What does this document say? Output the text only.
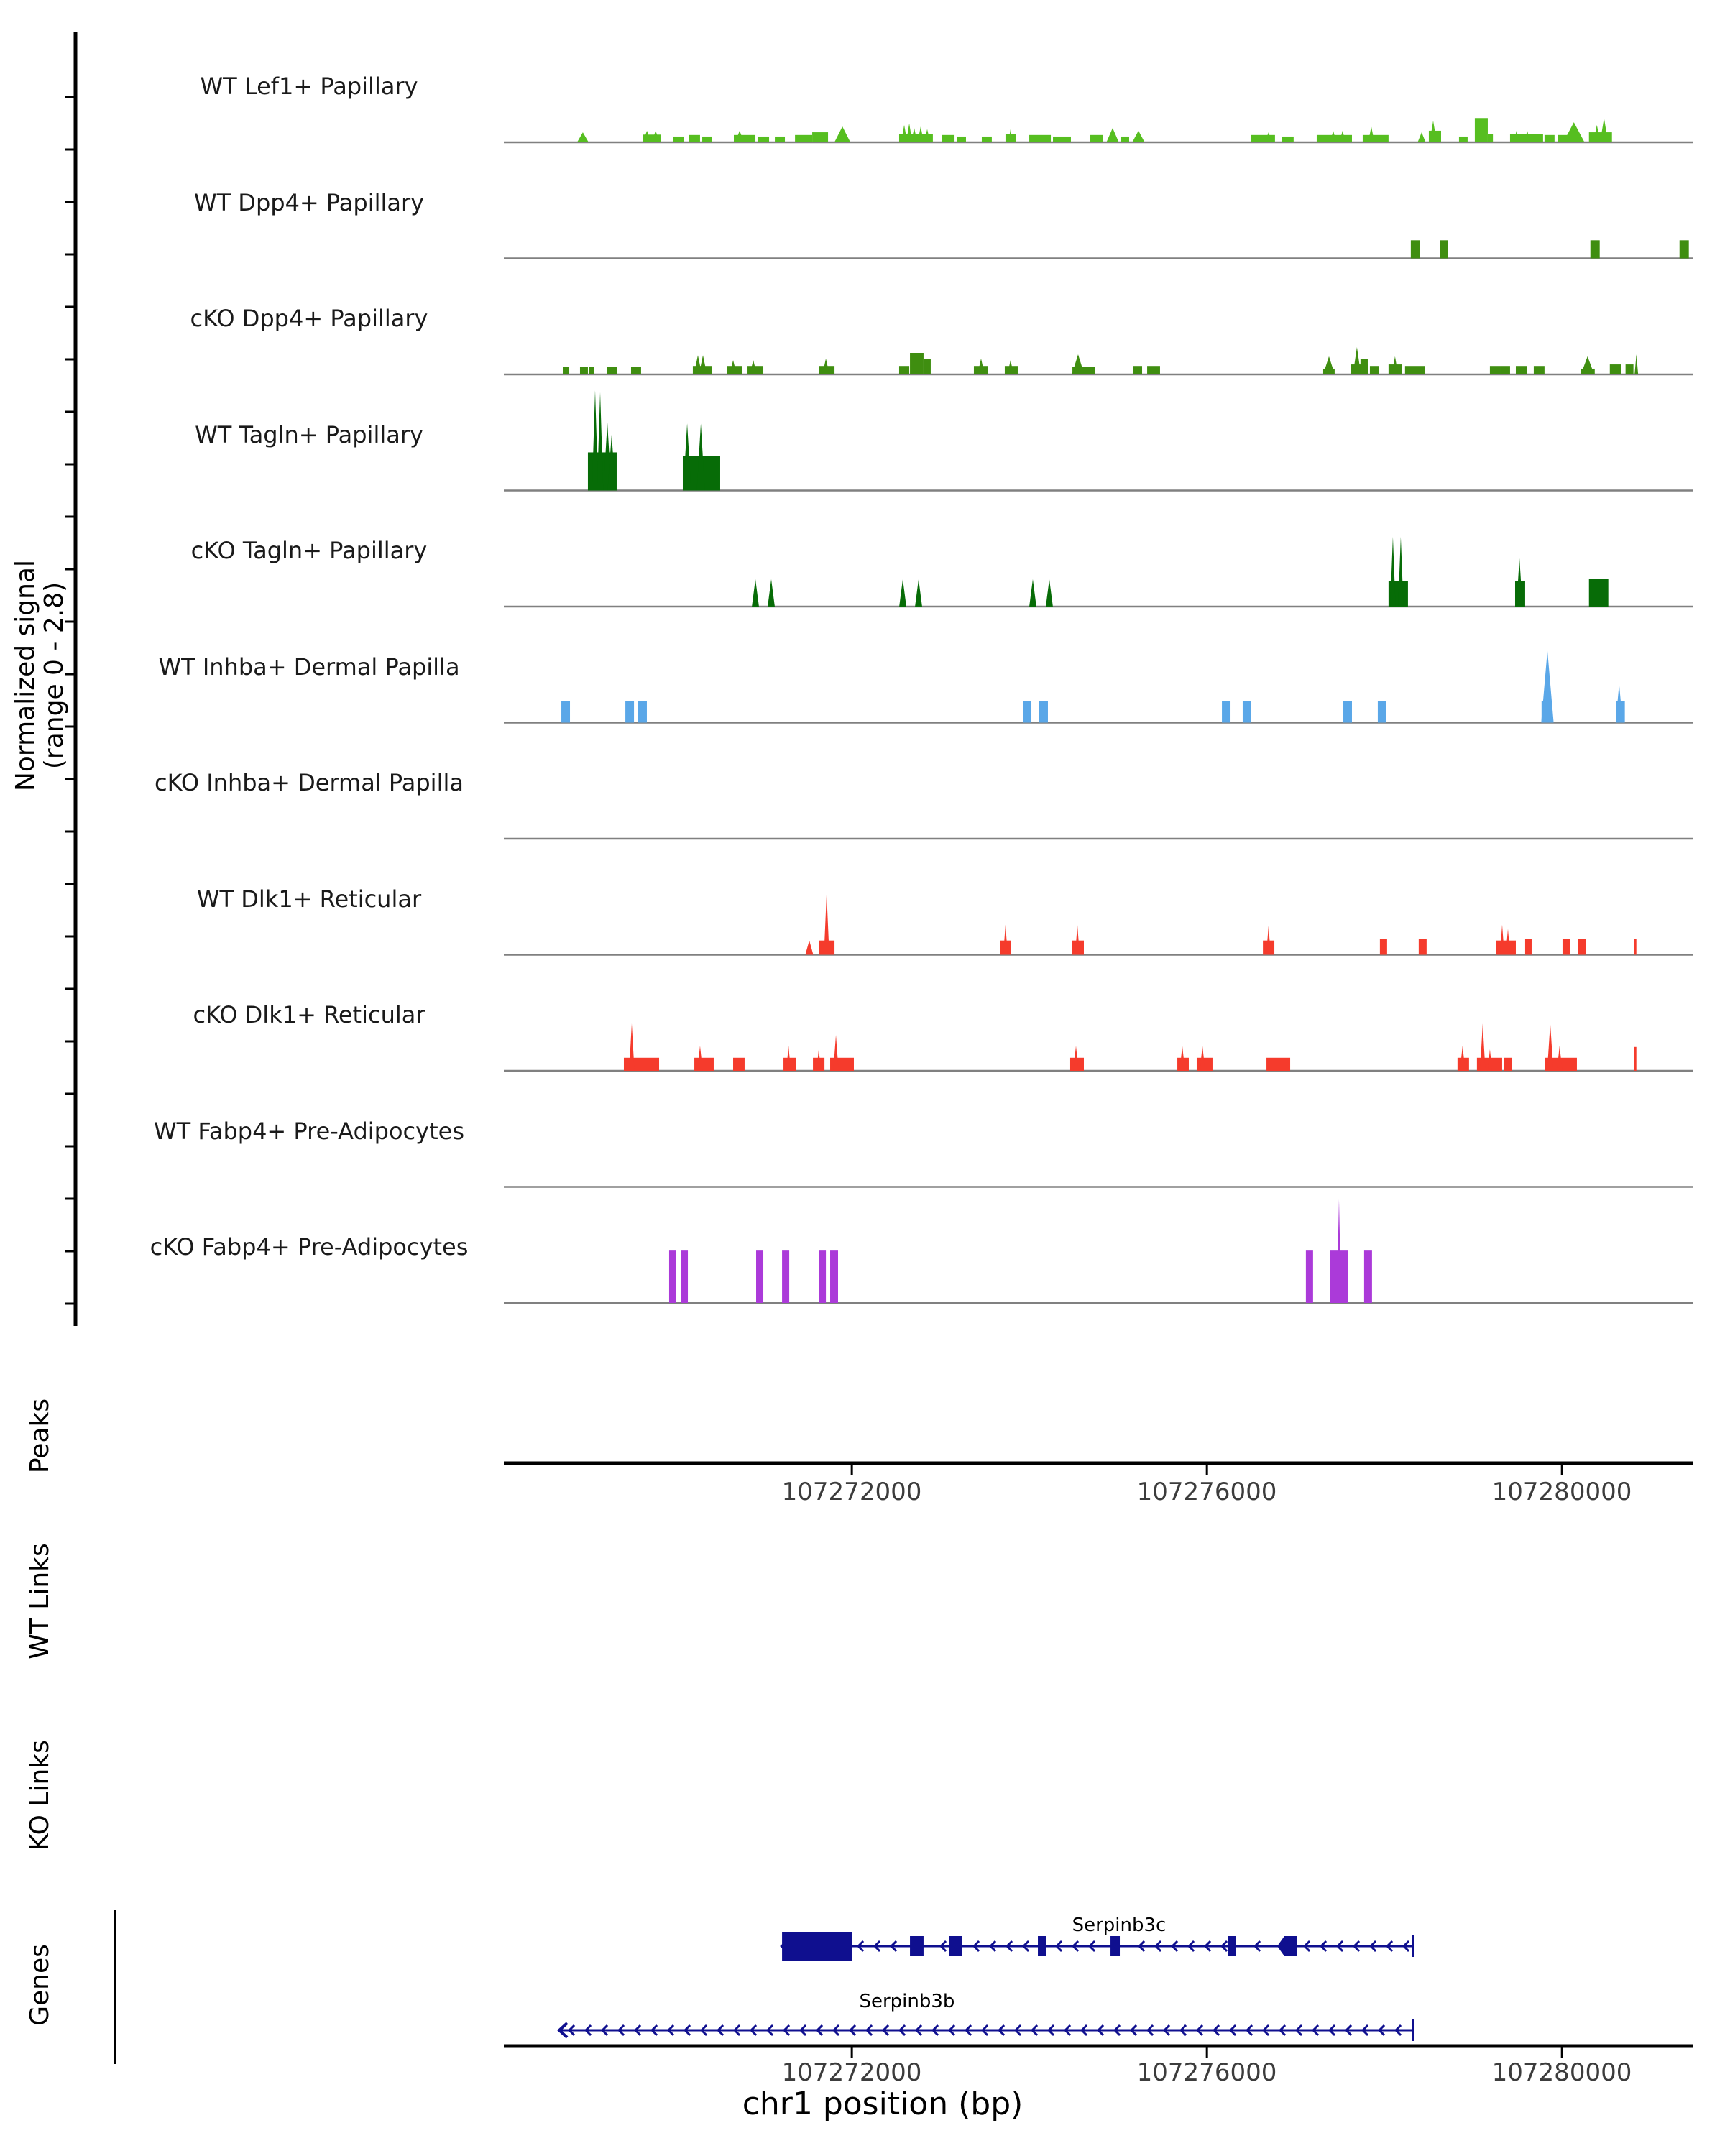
Normalized signal (range 0 - 2.8)
Peaks
WT Links
KO Links
Genes
WT Lef1+ Papillary
WT Dpp4+ Papillary
cKO Dpp4+ Papillary
WT Tagln+ Papillary
cKO Tagln+ Papillary
WT Inhba+ Dermal Papilla
cKO Inhba+ Dermal Papilla
WT Dlk1+ Reticular
cKO Dlk1+ Reticular
WT Fabp4+ Pre-Adipocytes
cKO Fabp4+ Pre-Adipocytes
107272000	107276000	107280000
107272000	107276000	107280000
Serpinb3c
Serpinb3b
chr1 position (bp)
